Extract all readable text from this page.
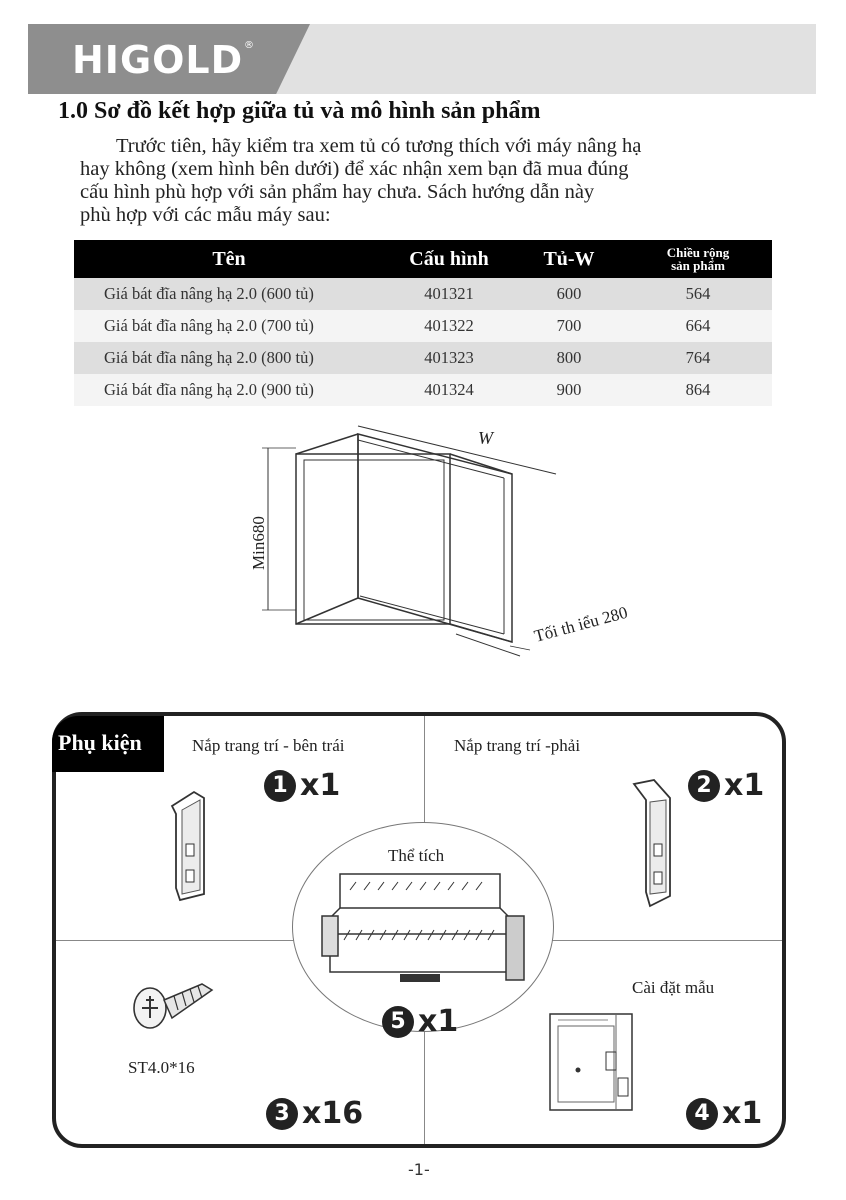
HIGOLD ®
1.0 Sơ đồ kết hợp giữa tủ và mô hình sản phẩm
Trước tiên, hãy kiểm tra xem tủ có tương thích với máy nâng hạ
hay không (xem hình bên dưới) để xác nhận xem bạn đã mua đúng
cấu hình phù hợp với sản phẩm hay chưa. Sách hướng dẫn này
phù hợp với các mẫu máy sau:
Tên	Cấu hình	Tủ-W	Chiều rộng
sản phẩm
Giá bát đĩa nâng hạ 2.0 (600 tủ)	401321	600	564
Giá bát đĩa nâng hạ 2.0 (700 tủ)	401322	700	664
Giá bát đĩa nâng hạ 2.0 (800 tủ)	401323	800	764
Giá bát đĩa nâng hạ 2.0 (900 tủ)	401324	900	864
W
Min680
Tối th iểu 280
Phụ kiện	Nắp trang trí - bên trái
1 x1
Nắp trang trí -phải
2 x1
Thể tích
5 x1
ST4.0*16
3 x16
Cài đặt mẫu
4 x1
-1-
